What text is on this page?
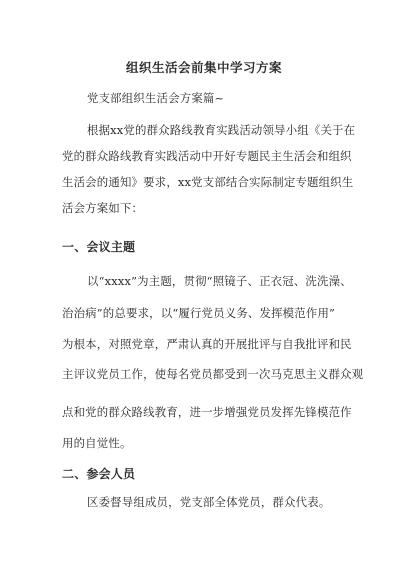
组织生活会前集中学习方案
党支部组织生活会方案篇~
根据xx党的群众路线教育实践活动领导小组《关于在
党的群众路线教育实践活动中开好专题民主生活会和组织
生活会的通知》要求，xx党支部结合实际制定专题组织生
活会方案如下：
一、会议主题
以“xxxx”为主题，贯彻“照镜子、正衣冠、洗洗澡、
治治病”的总要求，以“履行党员义务、发挥模范作用”
为根本，对照党章，严肃认真的开展批评与自我批评和民
主评议党员工作，使每名党员都受到一次马克思主义群众观
点和党的群众路线教育，进一步增强党员发挥先锋模范作
用的自觉性。
二、参会人员
区委督导组成员，党支部全体党员，群众代表。
